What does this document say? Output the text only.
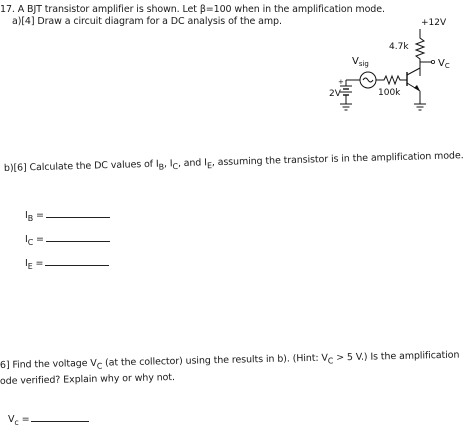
17. A BJT transistor amplifier is shown. Let β=100 when in the amplification mode.
a)[4] Draw a circuit diagram for a DC analysis of the amp.	+12V
4.7k
$V_C$
100k
$V_{sig}$
+
2V
b)[6] Calculate the DC values of $I_B$, $I_C$, and $I_E$, assuming the transistor is in the amplification mode.
$I_B$ =
$I_C$ =
$I_E$ =
6] Find the voltage $V_C$ (at the collector) using the results in b). (Hint: $V_C > 5$ V.) Is the amplification
ode verified? Explain why or why not.
$V_c$ =
